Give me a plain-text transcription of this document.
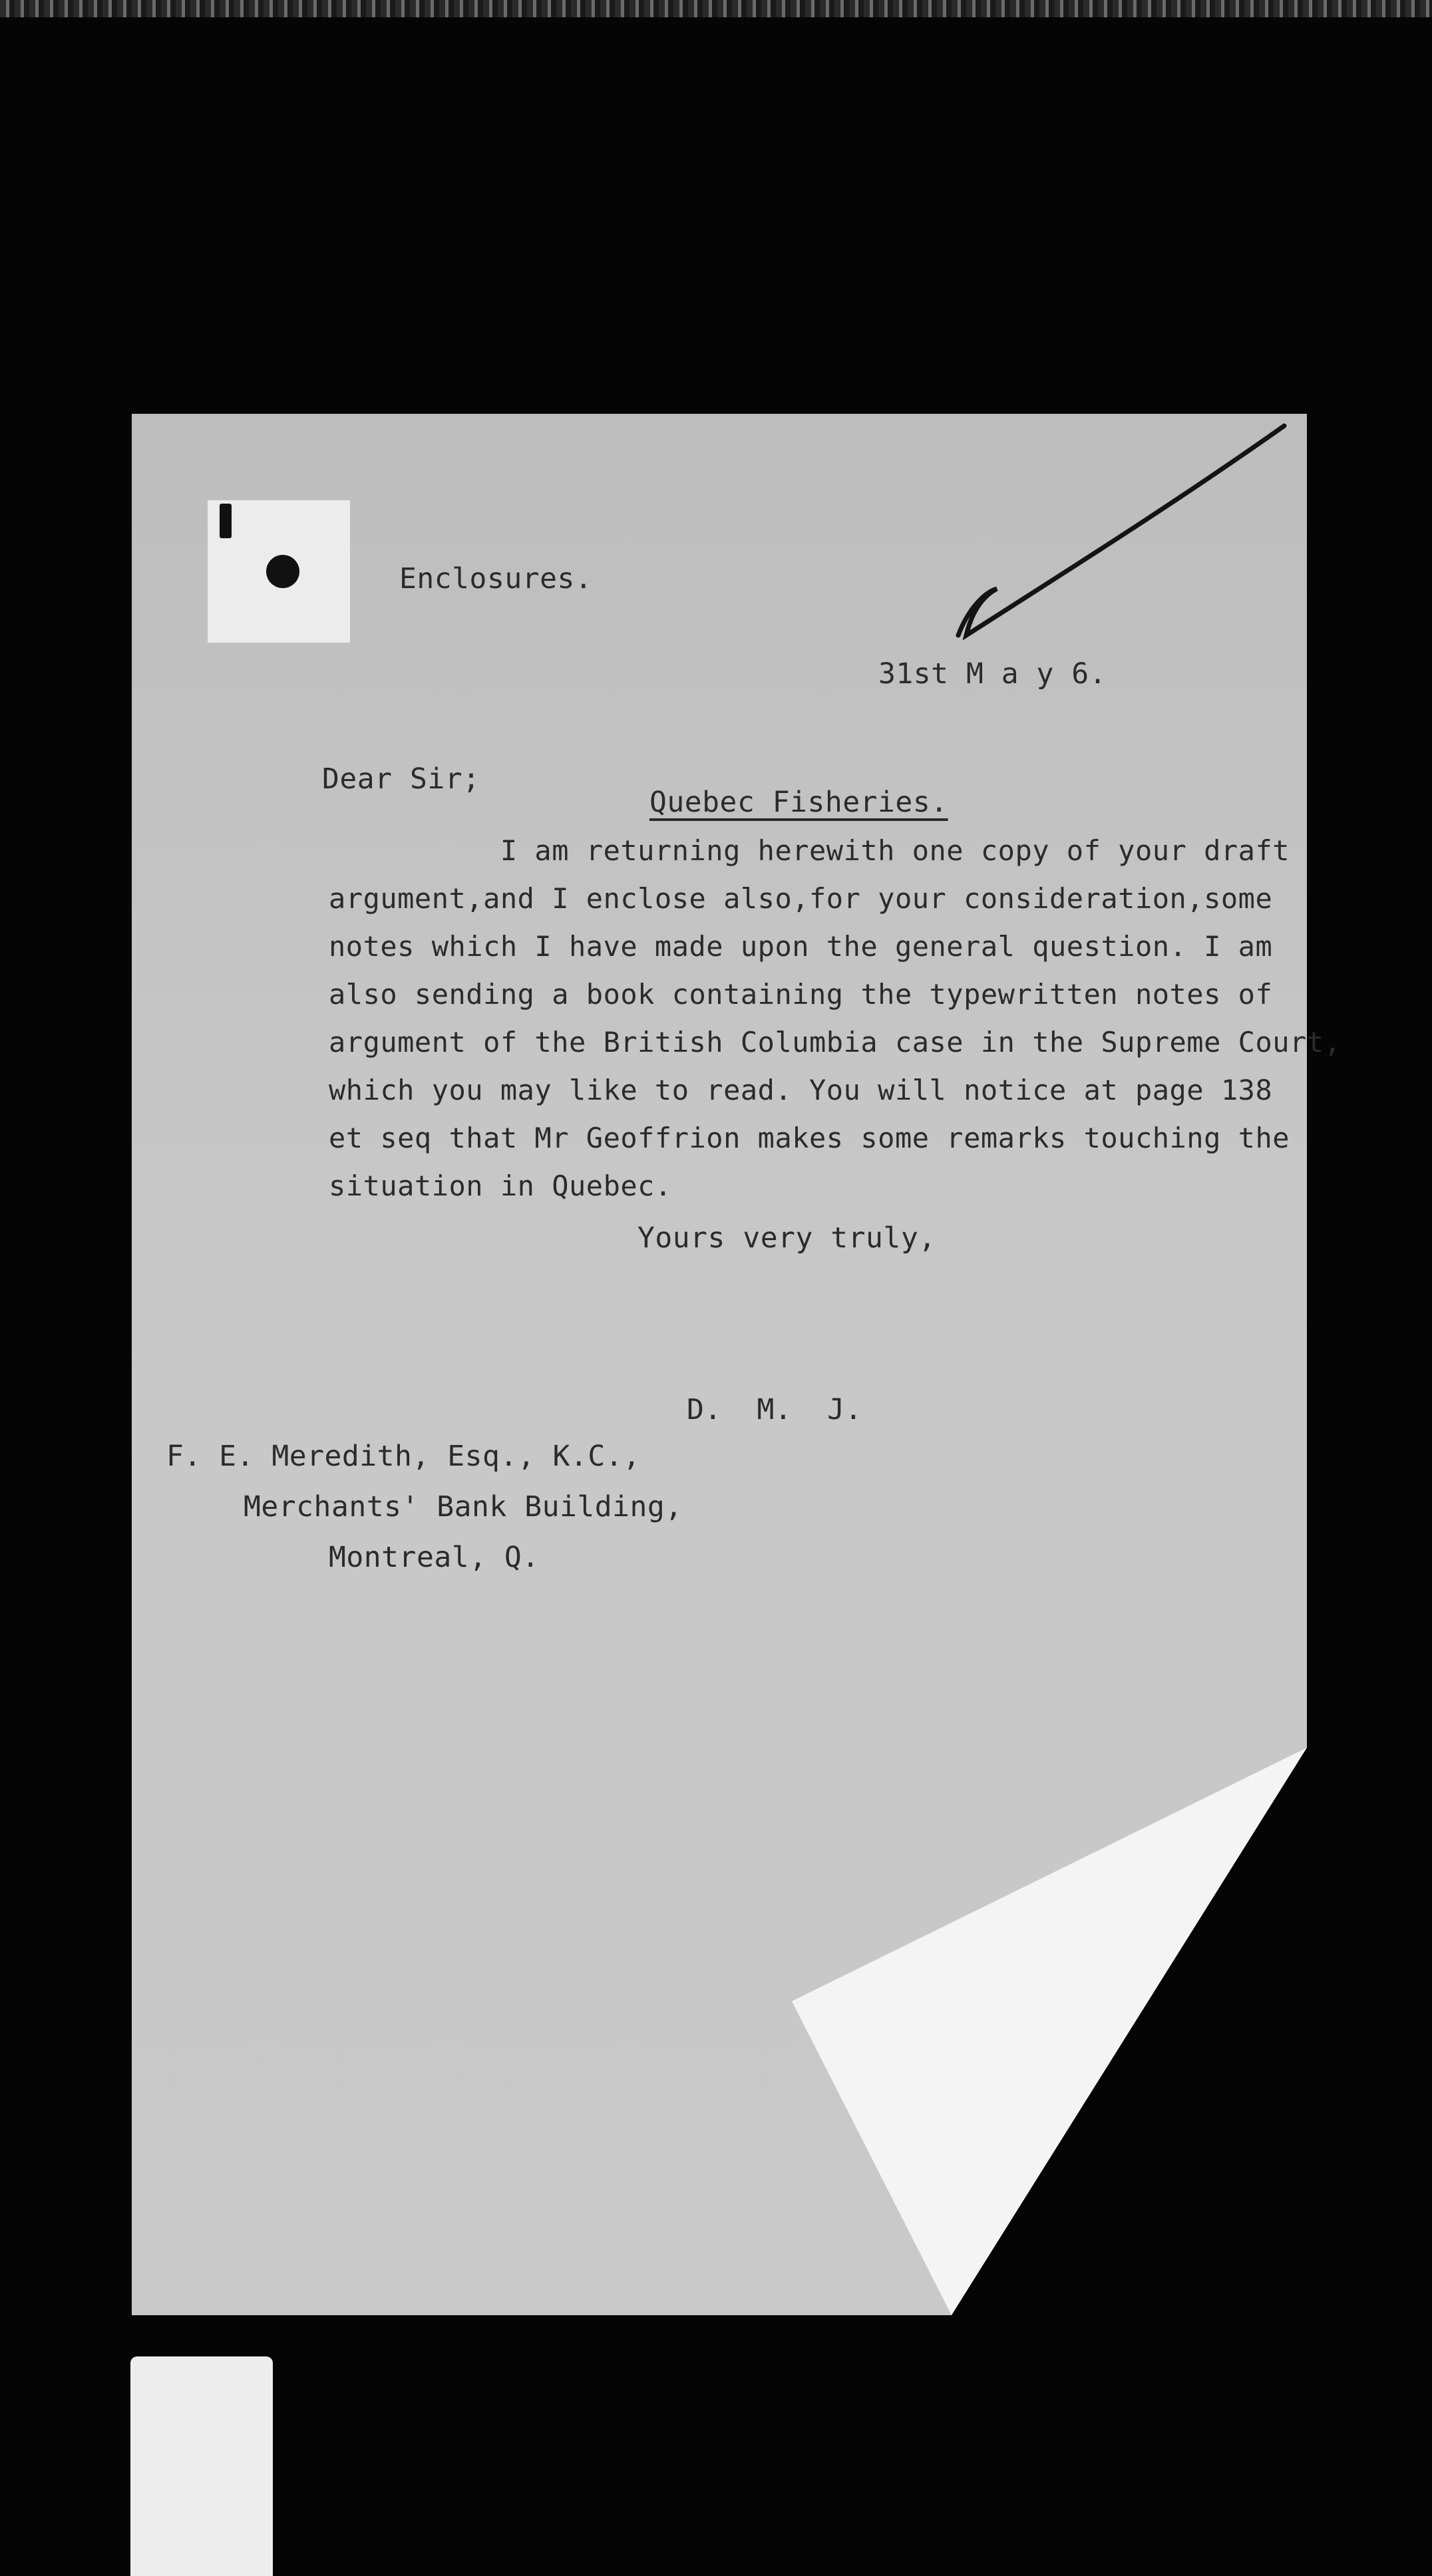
Enclosures.
31st M a y 6.
Dear Sir;
Quebec Fisheries.
I am returning herewith one copy of your draft
argument,and I enclose also,for your consideration,some
notes which I have made upon the general question. I am
also sending a book containing the typewritten notes of
argument of the British Columbia case in the Supreme Court,
which you may like to read. You will notice at page 138
et seq that Mr Geoffrion makes some remarks touching the
situation in Quebec.
Yours very truly,
D.  M.  J.
F. E. Meredith, Esq., K.C.,
Merchants' Bank Building,
Montreal, Q.
